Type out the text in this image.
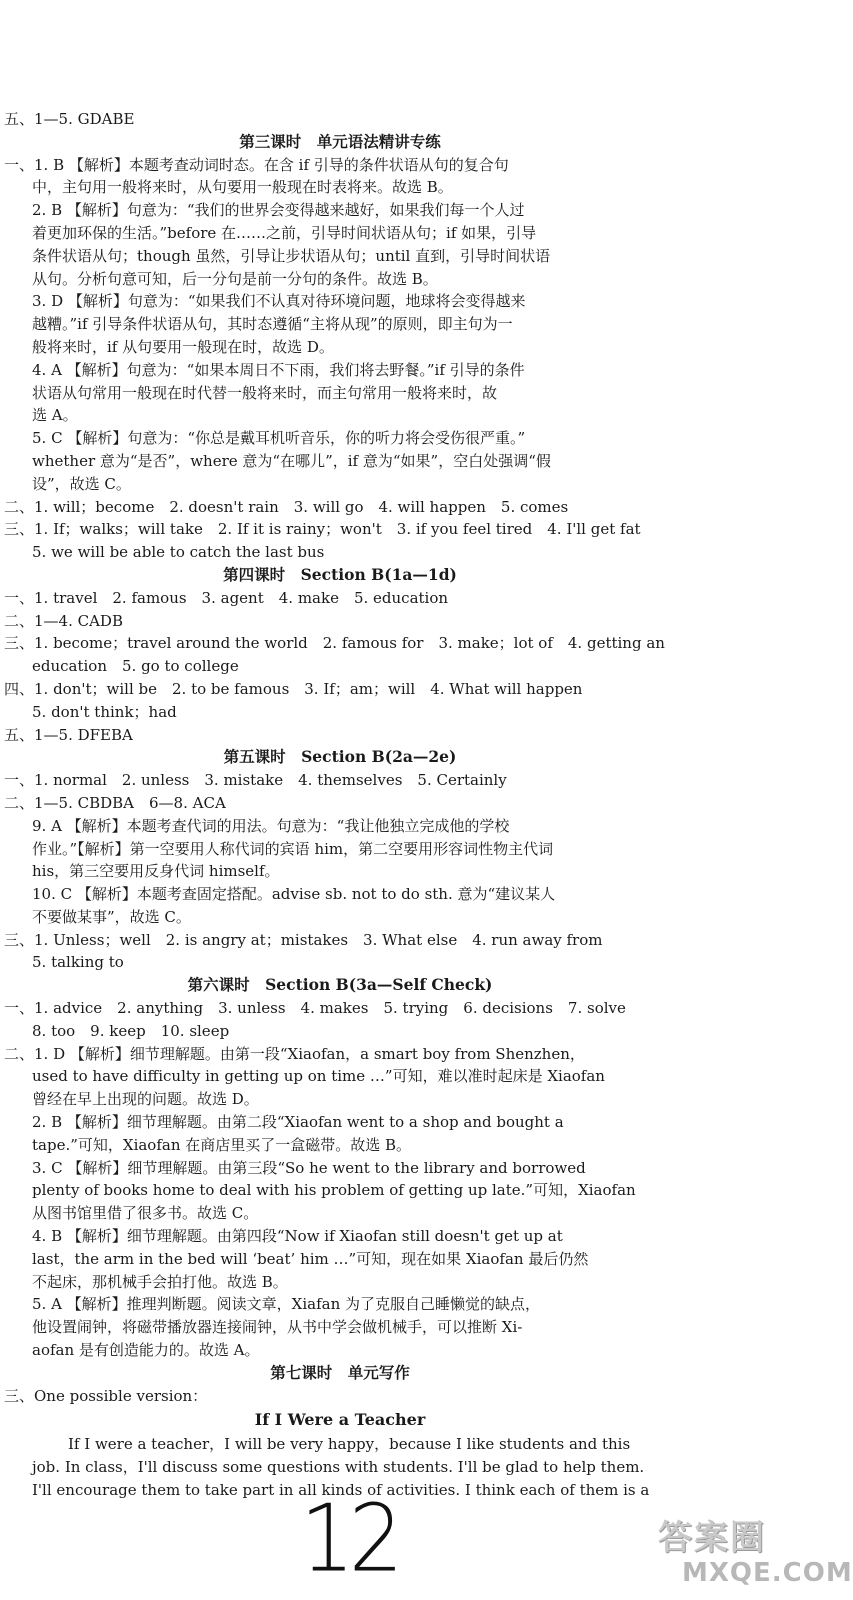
五、1—5. GDABE
第三课时　单元语法精讲专练
一、1. B 【解析】本题考查动词时态。在含 if 引导的条件状语从句的复合句
中，主句用一般将来时，从句要用一般现在时表将来。故选 B。
2. B 【解析】句意为：“我们的世界会变得越来越好，如果我们每一个人过
着更加环保的生活。”before 在……之前，引导时间状语从句；if 如果，引导
条件状语从句；though 虽然，引导让步状语从句；until 直到，引导时间状语
从句。分析句意可知，后一分句是前一分句的条件。故选 B。
3. D 【解析】句意为：“如果我们不认真对待环境问题，地球将会变得越来
越糟。”if 引导条件状语从句，其时态遵循“主将从现”的原则，即主句为一
般将来时，if 从句要用一般现在时，故选 D。
4. A 【解析】句意为：“如果本周日不下雨，我们将去野餐。”if 引导的条件
状语从句常用一般现在时代替一般将来时，而主句常用一般将来时，故
选 A。
5. C 【解析】句意为：“你总是戴耳机听音乐，你的听力将会受伤很严重。”
whether 意为“是否”，where 意为“在哪儿”，if 意为“如果”，空白处强调“假
设”，故选 C。
二、1. will；become　2. doesn't rain　3. will go　4. will happen　5. comes
三、1. If；walks；will take　2. If it is rainy；won't　3. if you feel tired　4. I'll get fat
5. we will be able to catch the last bus
第四课时　Section B(1a—1d)
一、1. travel　2. famous　3. agent　4. make　5. education
二、1—4. CADB
三、1. become；travel around the world　2. famous for　3. make；lot of　4. getting an
education　5. go to college
四、1. don't；will be　2. to be famous　3. If；am；will　4. What will happen
5. don't think；had
五、1—5. DFEBA
第五课时　Section B(2a—2e)
一、1. normal　2. unless　3. mistake　4. themselves　5. Certainly
二、1—5. CBDBA　6—8. ACA
9. A 【解析】本题考查代词的用法。句意为：“我让他独立完成他的学校
作业。”【解析】第一空要用人称代词的宾语 him，第二空要用形容词性物主代词
his，第三空要用反身代词 himself。
10. C 【解析】本题考查固定搭配。advise sb. not to do sth. 意为“建议某人
不要做某事”，故选 C。
三、1. Unless；well　2. is angry at；mistakes　3. What else　4. run away from
5. talking to
第六课时　Section B(3a—Self Check)
一、1. advice　2. anything　3. unless　4. makes　5. trying　6. decisions　7. solve
8. too　9. keep　10. sleep
二、1. D 【解析】细节理解题。由第一段“Xiaofan，a smart boy from Shenzhen，
used to have difficulty in getting up on time …”可知，难以准时起床是 Xiaofan
曾经在早上出现的问题。故选 D。
2. B 【解析】细节理解题。由第二段“Xiaofan went to a shop and bought a
tape.”可知，Xiaofan 在商店里买了一盒磁带。故选 B。
3. C 【解析】细节理解题。由第三段“So he went to the library and borrowed
plenty of books home to deal with his problem of getting up late.”可知，Xiaofan
从图书馆里借了很多书。故选 C。
4. B 【解析】细节理解题。由第四段“Now if Xiaofan still doesn't get up at
last，the arm in the bed will ‘beat’ him …”可知，现在如果 Xiaofan 最后仍然
不起床，那机械手会拍打他。故选 B。
5. A 【解析】推理判断题。阅读文章，Xiafan 为了克服自己睡懒觉的缺点，
他设置闹钟，将磁带播放器连接闹钟，从书中学会做机械手，可以推断 Xi-
aofan 是有创造能力的。故选 A。
第七课时　单元写作
三、One possible version：
If I Were a Teacher
If I were a teacher，I will be very happy，because I like students and this
job. In class，I'll discuss some questions with students. I'll be glad to help them.
I'll encourage them to take part in all kinds of activities. I think each of them is a
12	答案圈
MXQE.COM
